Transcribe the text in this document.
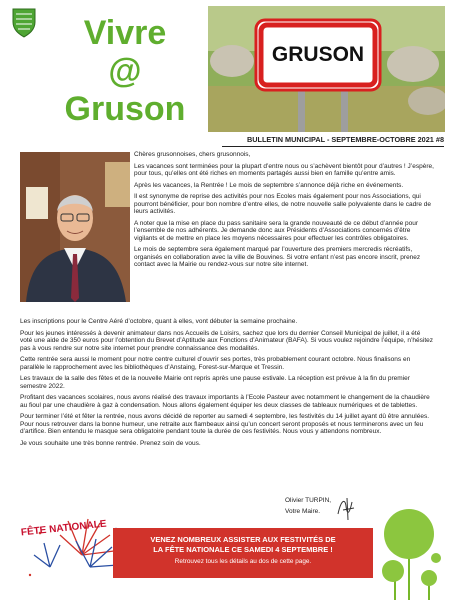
Vivre
@
Gruson
GRUSON
BULLETIN MUNICIPAL - SEPTEMBRE-OCTOBRE 2021 #8

Chères grusonnoises, chers grusonnois,

Les vacances sont terminées pour la plupart d’entre nous ou s’achèvent bientôt pour d’autres ! J’espère, pour tous, qu’elles ont été riches en moments partagés aussi bien en famille qu’entre amis.

Après les vacances, la Rentrée ! Le mois de septembre s’annonce déjà riche en événements.

Il est synonyme de reprise des activités pour nos Ecoles mais également pour nos Associations, qui pourront bénéficier, pour bon nombre d’entre elles, de notre nouvelle salle polyvalente dans le cadre de leurs activités.

A noter que la mise en place du pass sanitaire sera la grande nouveauté de ce début d’année pour l’ensemble de nos adhérents. Je demande donc aux Présidents d’Associations concernés d’être vigilants et de mettre en place les moyens nécessaires pour effectuer les contrôles obligatoires.

Le mois de septembre sera également marqué par l’ouverture des premiers mercredis récréatifs, organisés en collaboration avec la ville de Bouvines. Si votre enfant n’est pas encore inscrit, prenez contact avec la Mairie ou rendez-vous sur notre site internet.

Les inscriptions pour le Centre Aéré d’octobre, quant à elles, vont débuter la semaine prochaine.

Pour les jeunes intéressés à devenir animateur dans nos Accueils de Loisirs, sachez que lors du dernier Conseil Municipal de juillet, il a été voté une aide de 350 euros pour l’obtention du Brevet d’Aptitude aux Fonctions d’Animateur (BAFA). Si vous voulez rejoindre l’équipe, n’hésitez pas à vous rendre sur notre site internet pour prendre connaissance des modalités.

Cette rentrée sera aussi le moment pour notre centre culturel d’ouvrir ses portes, très probablement courant octobre. Nous finalisons en parallèle le rapprochement avec les bibliothèques d’Anstaing, Forest-sur-Marque et Tressin.

Les travaux de la salle des fêtes et de la nouvelle Mairie ont repris après une pause estivale. La réception est prévue à la fin du premier semestre 2022.

Profitant des vacances scolaires, nous avons réalisé des travaux importants à l’Ecole Pasteur avec notamment le changement de la chaudière au fioul par une chaudière à gaz à condensation. Nous allons également équiper les deux classes de tableaux numériques et de tablettes.

Pour terminer l’été et fêter la rentrée, nous avons décidé de reporter au samedi 4 septembre, les festivités du 14 juillet ayant dû être annulées. Pour nous retrouver dans la bonne humeur, une retraite aux flambeaux ainsi qu’un concert seront proposés et nous terminerons avec un feu d’artifice. Bien entendu le masque sera obligatoire pendant toute la durée de ces festivités. Nous vous y attendons nombreux.

Je vous souhaite une très bonne rentrée. Prenez soin de vous.

Olivier TURPIN,
Votre Maire.
FÊTE NATIONALE
VENEZ NOMBREUX ASSISTER AUX FESTIVITÉS DE
LA FÊTE NATIONALE CE SAMEDI 4 SEPTEMBRE !
Retrouvez tous les détails au dos de cette page.
